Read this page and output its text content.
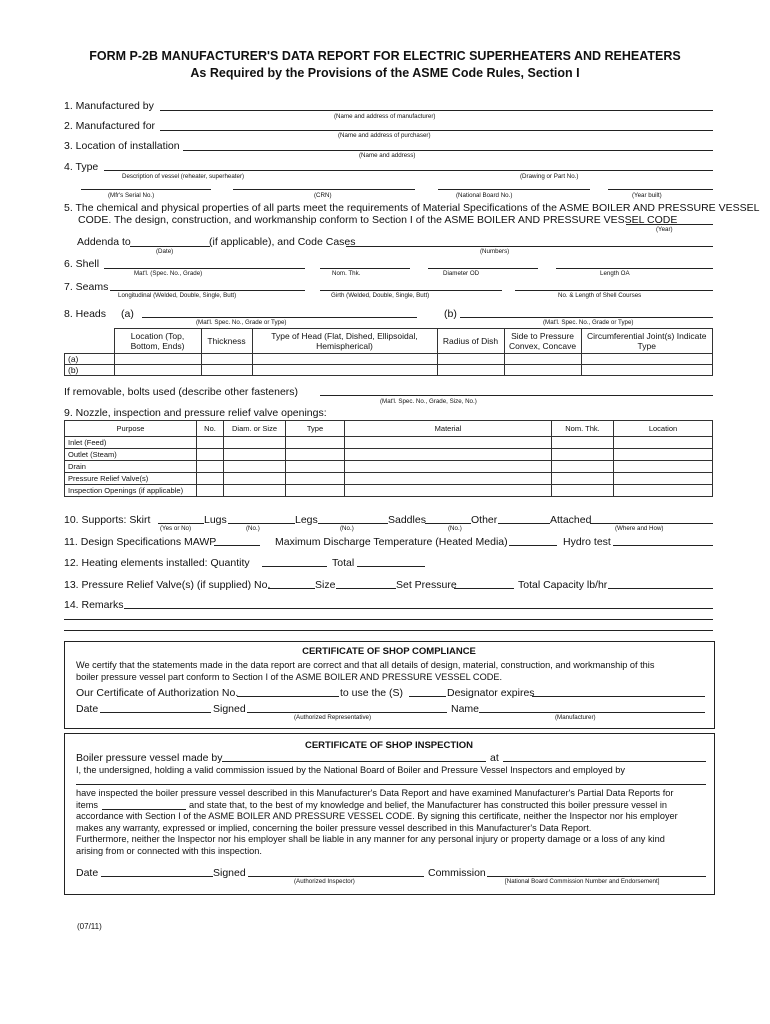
FORM P-2B MANUFACTURER'S DATA REPORT FOR ELECTRIC SUPERHEATERS AND REHEATERS
As Required by the Provisions of the ASME Code Rules, Section I
1. Manufactured by
(Name and address of manufacturer)
2. Manufactured for
(Name and address of purchaser)
3. Location of installation
(Name and address)
4. Type
Description of vessel (reheater, superheater)	(Drawing or Part No.)
(Mfr's Serial No.)	(CRN)	(National Board No.)	(Year built)
5. The chemical and physical properties of all parts meet the requirements of Material Specifications of the ASME BOILER AND PRESSURE VESSEL
CODE. The design, construction, and workmanship conform to Section I of the ASME BOILER AND PRESSURE VESSEL CODE
(Year)
Addenda to	(if applicable), and Code Cases
(Date)	(Numbers)
6. Shell
Mat'l. (Spec. No., Grade)	Nom. Thk.	Diameter OD	Length OA
7. Seams
Longitudinal (Welded, Double, Single, Butt)	Girth (Welded, Double, Single, Butt)	No. & Length of Shell Courses
8. Heads (a)	(b)
(Mat'l. Spec. No., Grade or Type)	(Mat'l. Spec. No., Grade or Type)
	Location (Top, Bottom, Ends)	Thickness	Type of Head (Flat, Dished, Ellipsoidal, Hemispherical)	Radius of Dish	Side to Pressure Convex, Concave	Circumferential Joint(s) Indicate Type
(a)						
(b)						
If removable, bolts used (describe other fasteners)
(Mat'l. Spec. No., Grade, Size, No.)
9. Nozzle, inspection and pressure relief valve openings:
Purpose	No.	Diam. or Size	Type	Material	Nom. Thk.	Location
Inlet (Feed)						
Outlet (Steam)						
Drain						
Pressure Relief Valve(s)						
Inspection Openings (if applicable)						
10. Supports: Skirt	Lugs	Legs	Saddles	Other	Attached
(Yes or No)	(No.)	(No.)	(No.)	(Where and How)
11. Design Specifications MAWP	Maximum Discharge Temperature (Heated Media)	Hydro test
12. Heating elements installed: Quantity	Total
13. Pressure Relief Valve(s) (if supplied) No.	Size	Set Pressure	Total Capacity lb/hr
14. Remarks
CERTIFICATE OF SHOP COMPLIANCE
We certify that the statements made in the data report are correct and that all details of design, material, construction, and workmanship of this
boiler pressure vessel part conform to Section I of the ASME BOILER AND PRESSURE VESSEL CODE.
Our Certificate of Authorization No.	to use the (S)	Designator expires
Date	Signed	Name
(Authorized Representative)	(Manufacturer)
CERTIFICATE OF SHOP INSPECTION
Boiler pressure vessel made by	at
I, the undersigned, holding a valid commission issued by the National Board of Boiler and Pressure Vessel Inspectors and employed by
have inspected the boiler pressure vessel described in this Manufacturer's Data Report and have examined Manufacturer's Partial Data Reports for
items	and state that, to the best of my knowledge and belief, the Manufacturer has constructed this boiler pressure vessel in
accordance with Section I of the ASME BOILER AND PRESSURE VESSEL CODE. By signing this certificate, neither the Inspector nor his employer
makes any warranty, expressed or implied, concerning the boiler pressure vessel described in this Manufacturer's Data Report.
Furthermore, neither the Inspector nor his employer shall be liable in any manner for any personal injury or property damage or a loss of any kind
arising from or connected with this inspection.
Date	Signed	Commission
(Authorized Inspector)	[National Board Commission Number and Endorsement]
(07/11)
